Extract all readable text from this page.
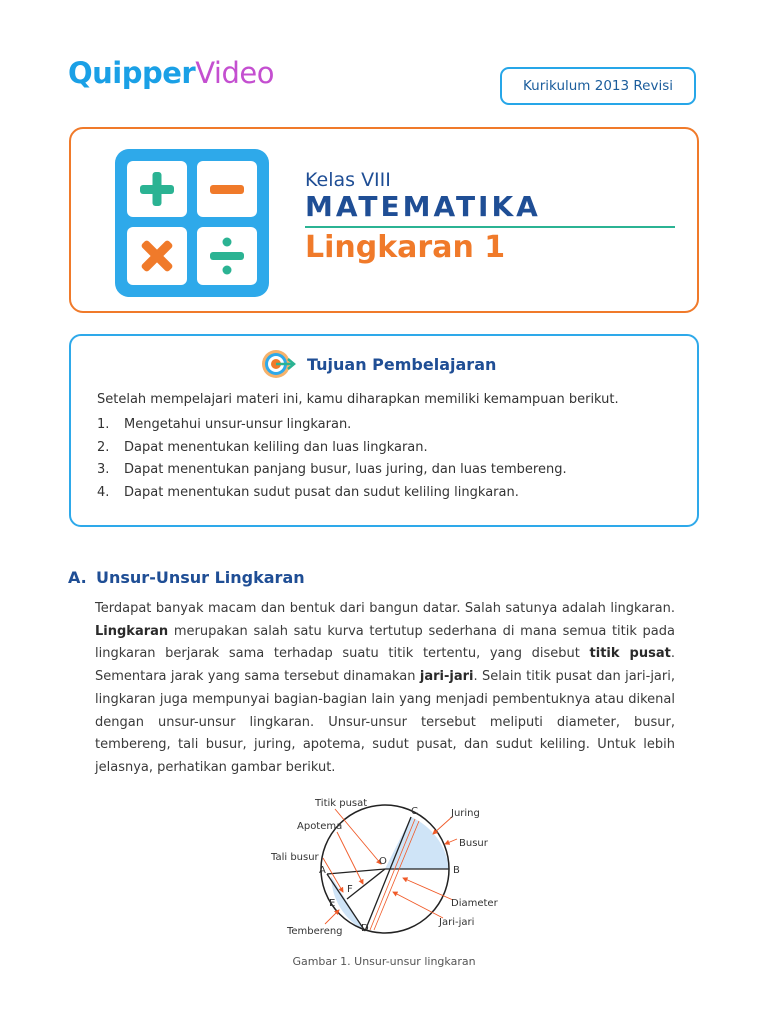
QuipperVideo	Kurikulum 2013 Revisi
Kelas VIII
MATEMATIKA
Lingkaran 1
Tujuan Pembelajaran
Setelah mempelajari materi ini, kamu diharapkan memiliki kemampuan berikut.
1.	Mengetahui unsur-unsur lingkaran.
2.	Dapat menentukan keliling dan luas lingkaran.
3.	Dapat menentukan panjang busur, luas juring, dan luas tembereng.
4.	Dapat menentukan sudut pusat dan sudut keliling lingkaran.
A. Unsur-Unsur Lingkaran
Terdapat banyak macam dan bentuk dari bangun datar. Salah satunya adalah lingkaran. Lingkaran merupakan salah satu kurva tertutup sederhana di mana semua titik pada lingkaran berjarak sama terhadap suatu titik tertentu, yang disebut titik pusat. Sementara jarak yang sama tersebut dinamakan jari-jari. Selain titik pusat dan jari-jari, lingkaran juga mempunyai bagian-bagian lain yang menjadi pembentuknya atau dikenal dengan unsur-unsur lingkaran. Unsur-unsur tersebut meliputi diameter, busur, tembereng, tali busur, juring, apotema, sudut pusat, dan sudut keliling. Untuk lebih jelasnya, perhatikan gambar berikut.
Titik pusat
Apotema
Tali busur
Tembereng
Juring
Busur
Diameter
Jari-jari
A	B
C
D
E
F
O
Gambar 1. Unsur-unsur lingkaran
